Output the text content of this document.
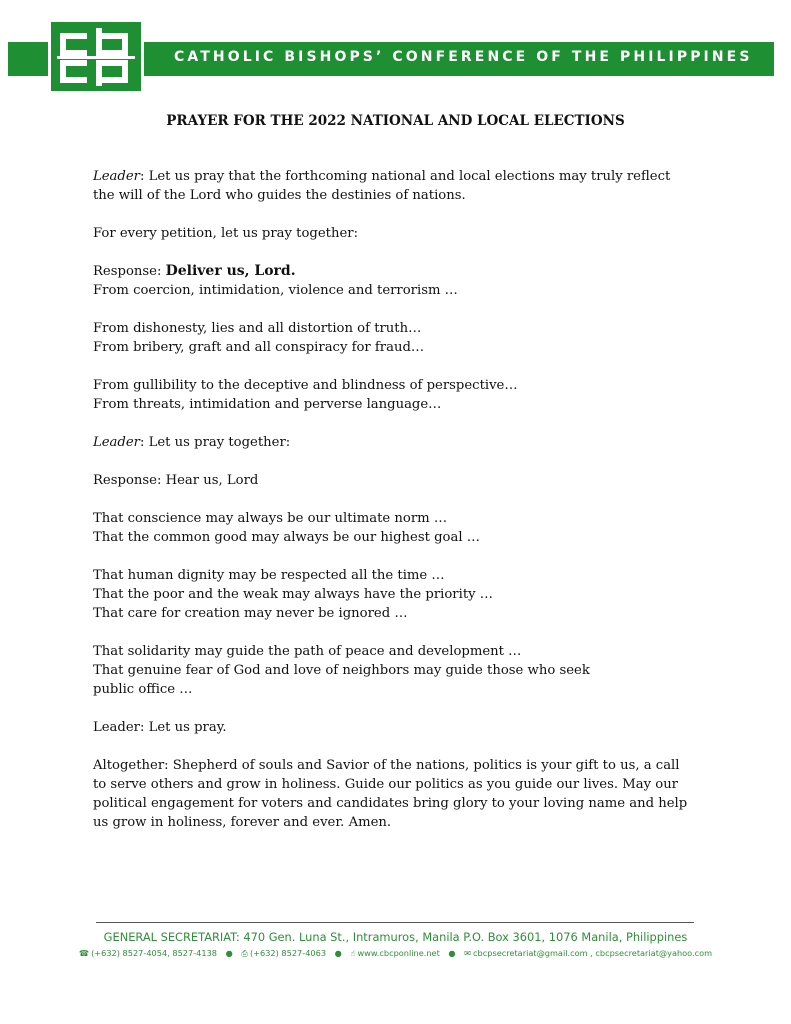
CATHOLIC BISHOPS’ CONFERENCE OF THE PHILIPPINES
PRAYER FOR THE 2022 NATIONAL AND LOCAL ELECTIONS
Leader: Let us pray that the forthcoming national and local elections may truly reflect
the will of the Lord who guides the destinies of nations.
For every petition, let us pray together:
Response: Deliver us, Lord.
From coercion, intimidation, violence and terrorism …
From dishonesty, lies and all distortion of truth…
From bribery, graft and all conspiracy for fraud…
From gullibility to the deceptive and blindness of perspective…
From threats, intimidation and perverse language…
Leader: Let us pray together:
Response: Hear us, Lord
That conscience may always be our ultimate norm …
That the common good may always be our highest goal …
That human dignity may be respected all the time …
That the poor and the weak may always have the priority …
That care for creation may never be ignored …
That solidarity may guide the path of peace and development …
That genuine fear of God and love of neighbors may guide those who seek
public office …
Leader: Let us pray.
Altogether: Shepherd of souls and Savior of the nations, politics is your gift to us, a call
to serve others and grow in holiness. Guide our politics as you guide our lives. May our
political engagement for voters and candidates bring glory to your loving name and help
us grow in holiness, forever and ever. Amen.
GENERAL SECRETARIAT: 470 Gen. Luna St., Intramuros, Manila P.O. Box 3601, 1076 Manila, Philippines
☎ (+632) 8527-4054, 8527-4138 ● ⎙ (+632) 8527-4063 ● ☝ www.cbcponline.net ● ✉ cbcpsecretariat@gmail.com , cbcpsecretariat@yahoo.com
